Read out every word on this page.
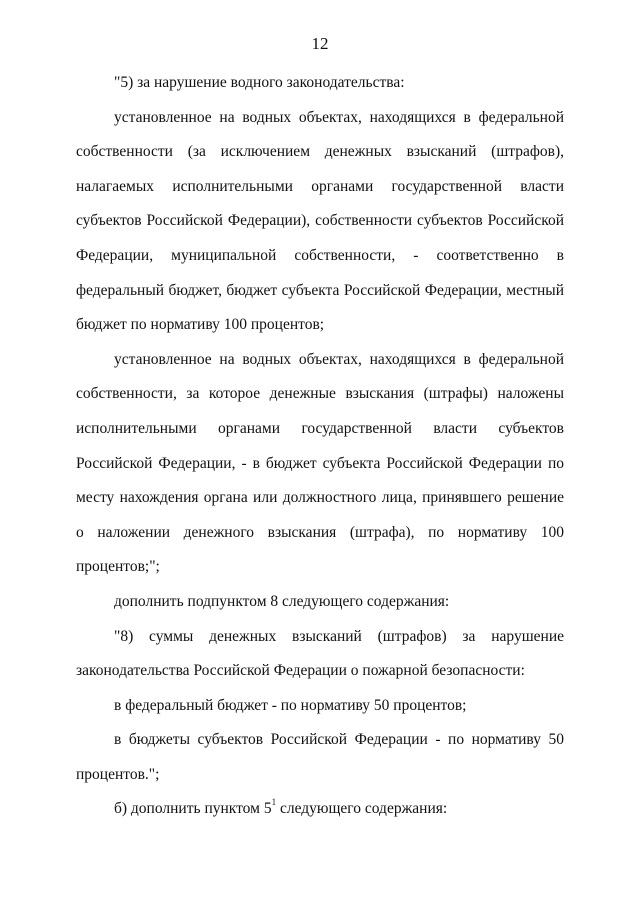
12

"5) за нарушение водного законодательства:

установленное на водных объектах, находящихся в федеральной собственности (за исключением денежных взысканий (штрафов), налагаемых исполнительными органами государственной власти субъектов Российской Федерации), собственности субъектов Российской Федерации, муниципальной собственности, - соответственно в федеральный бюджет, бюджет субъекта Российской Федерации, местный бюджет по нормативу 100 процентов;

установленное на водных объектах, находящихся в федеральной собственности, за которое денежные взыскания (штрафы) наложены исполнительными органами государственной власти субъектов Российской Федерации, - в бюджет субъекта Российской Федерации по месту нахождения органа или должностного лица, принявшего решение о наложении денежного взыскания (штрафа), по нормативу 100 процентов;";

дополнить подпунктом 8 следующего содержания:

"8) суммы денежных взысканий (штрафов) за нарушение законодательства Российской Федерации о пожарной безопасности:

в федеральный бюджет - по нормативу 50 процентов;

в бюджеты субъектов Российской Федерации - по нормативу 50 процентов.";

б) дополнить пунктом $5^1$ следующего содержания:
